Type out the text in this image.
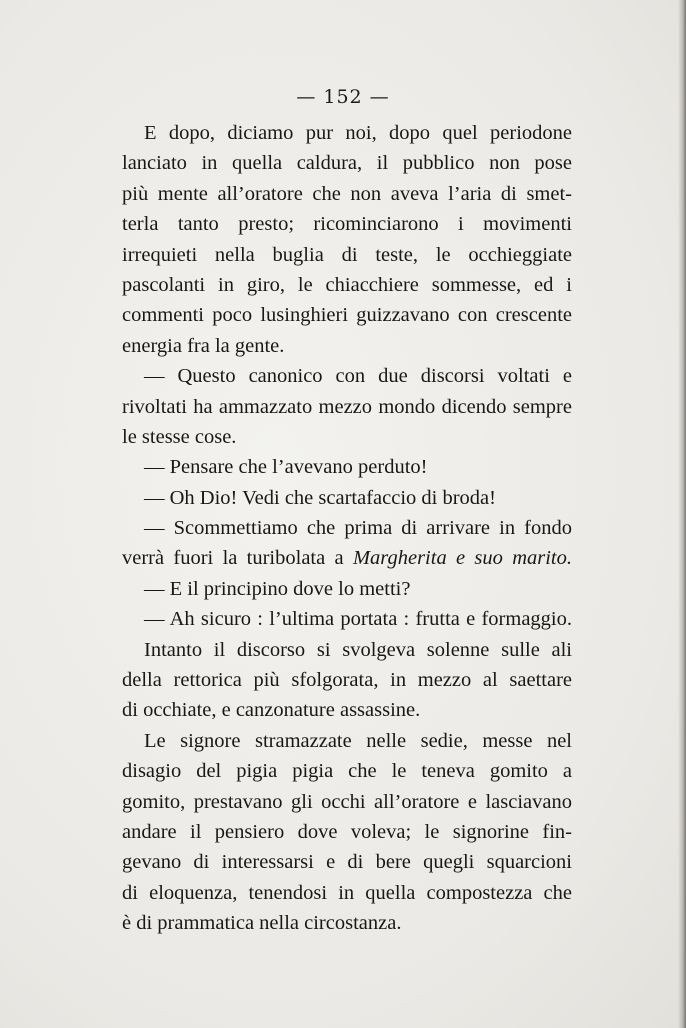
— 152 —
E dopo, diciamo pur noi, dopo quel periodone
lanciato in quella caldura, il pubblico non pose
più mente all’oratore che non aveva l’aria di smet-
terla tanto presto; ricominciarono i movimenti
irrequieti nella buglia di teste, le occhieggiate
pascolanti in giro, le chiacchiere sommesse, ed i
commenti poco lusinghieri guizzavano con crescente
energia fra la gente.
— Questo canonico con due discorsi voltati e
rivoltati ha ammazzato mezzo mondo dicendo sempre
le stesse cose.
— Pensare che l’avevano perduto!
— Oh Dio! Vedi che scartafaccio di broda!
— Scommettiamo che prima di arrivare in fondo
verrà fuori la turibolata a Margherita e suo marito.
— E il principino dove lo metti?
— Ah sicuro : l’ultima portata : frutta e formaggio.
Intanto il discorso si svolgeva solenne sulle ali
della rettorica più sfolgorata, in mezzo al saettare
di occhiate, e canzonature assassine.
Le signore stramazzate nelle sedie, messe nel
disagio del pigia pigia che le teneva gomito a
gomito, prestavano gli occhi all’oratore e lasciavano
andare il pensiero dove voleva; le signorine fin-
gevano di interessarsi e di bere quegli squarcioni
di eloquenza, tenendosi in quella compostezza che
è di prammatica nella circostanza.
